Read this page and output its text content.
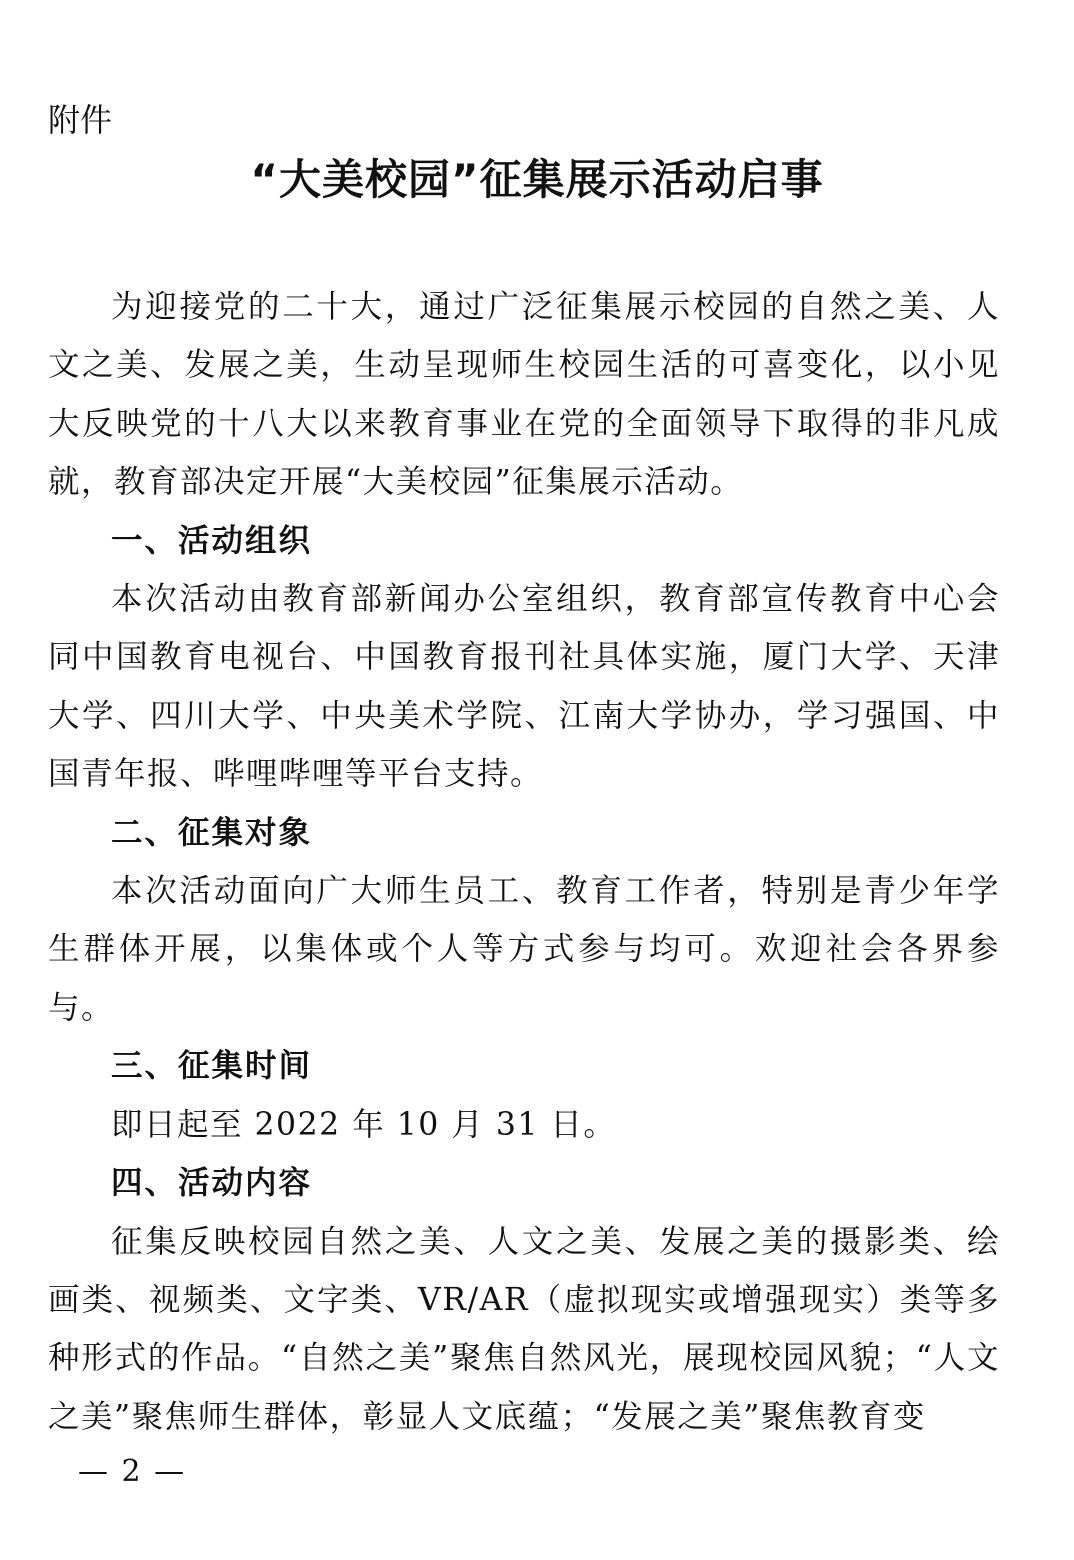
附件
“大美校园”征集展示活动启事

为迎接党的二十大，通过广泛征集展示校园的自然之美、人文之美、发展之美，生动呈现师生校园生活的可喜变化，以小见大反映党的十八大以来教育事业在党的全面领导下取得的非凡成就，教育部决定开展“大美校园”征集展示活动。

一、活动组织

本次活动由教育部新闻办公室组织，教育部宣传教育中心会同中国教育电视台、中国教育报刊社具体实施，厦门大学、天津大学、四川大学、中央美术学院、江南大学协办，学习强国、中国青年报、哔哩哔哩等平台支持。

二、征集对象

本次活动面向广大师生员工、教育工作者，特别是青少年学生群体开展，以集体或个人等方式参与均可。欢迎社会各界参与。

三、征集时间

即日起至 2022 年 10 月 31 日。

四、活动内容

征集反映校园自然之美、人文之美、发展之美的摄影类、绘画类、视频类、文字类、VR/AR（虚拟现实或增强现实）类等多种形式的作品。“自然之美”聚焦自然风光，展现校园风貌；“人文之美”聚焦师生群体，彰显人文底蕴；“发展之美”聚焦教育变

— 2 —
